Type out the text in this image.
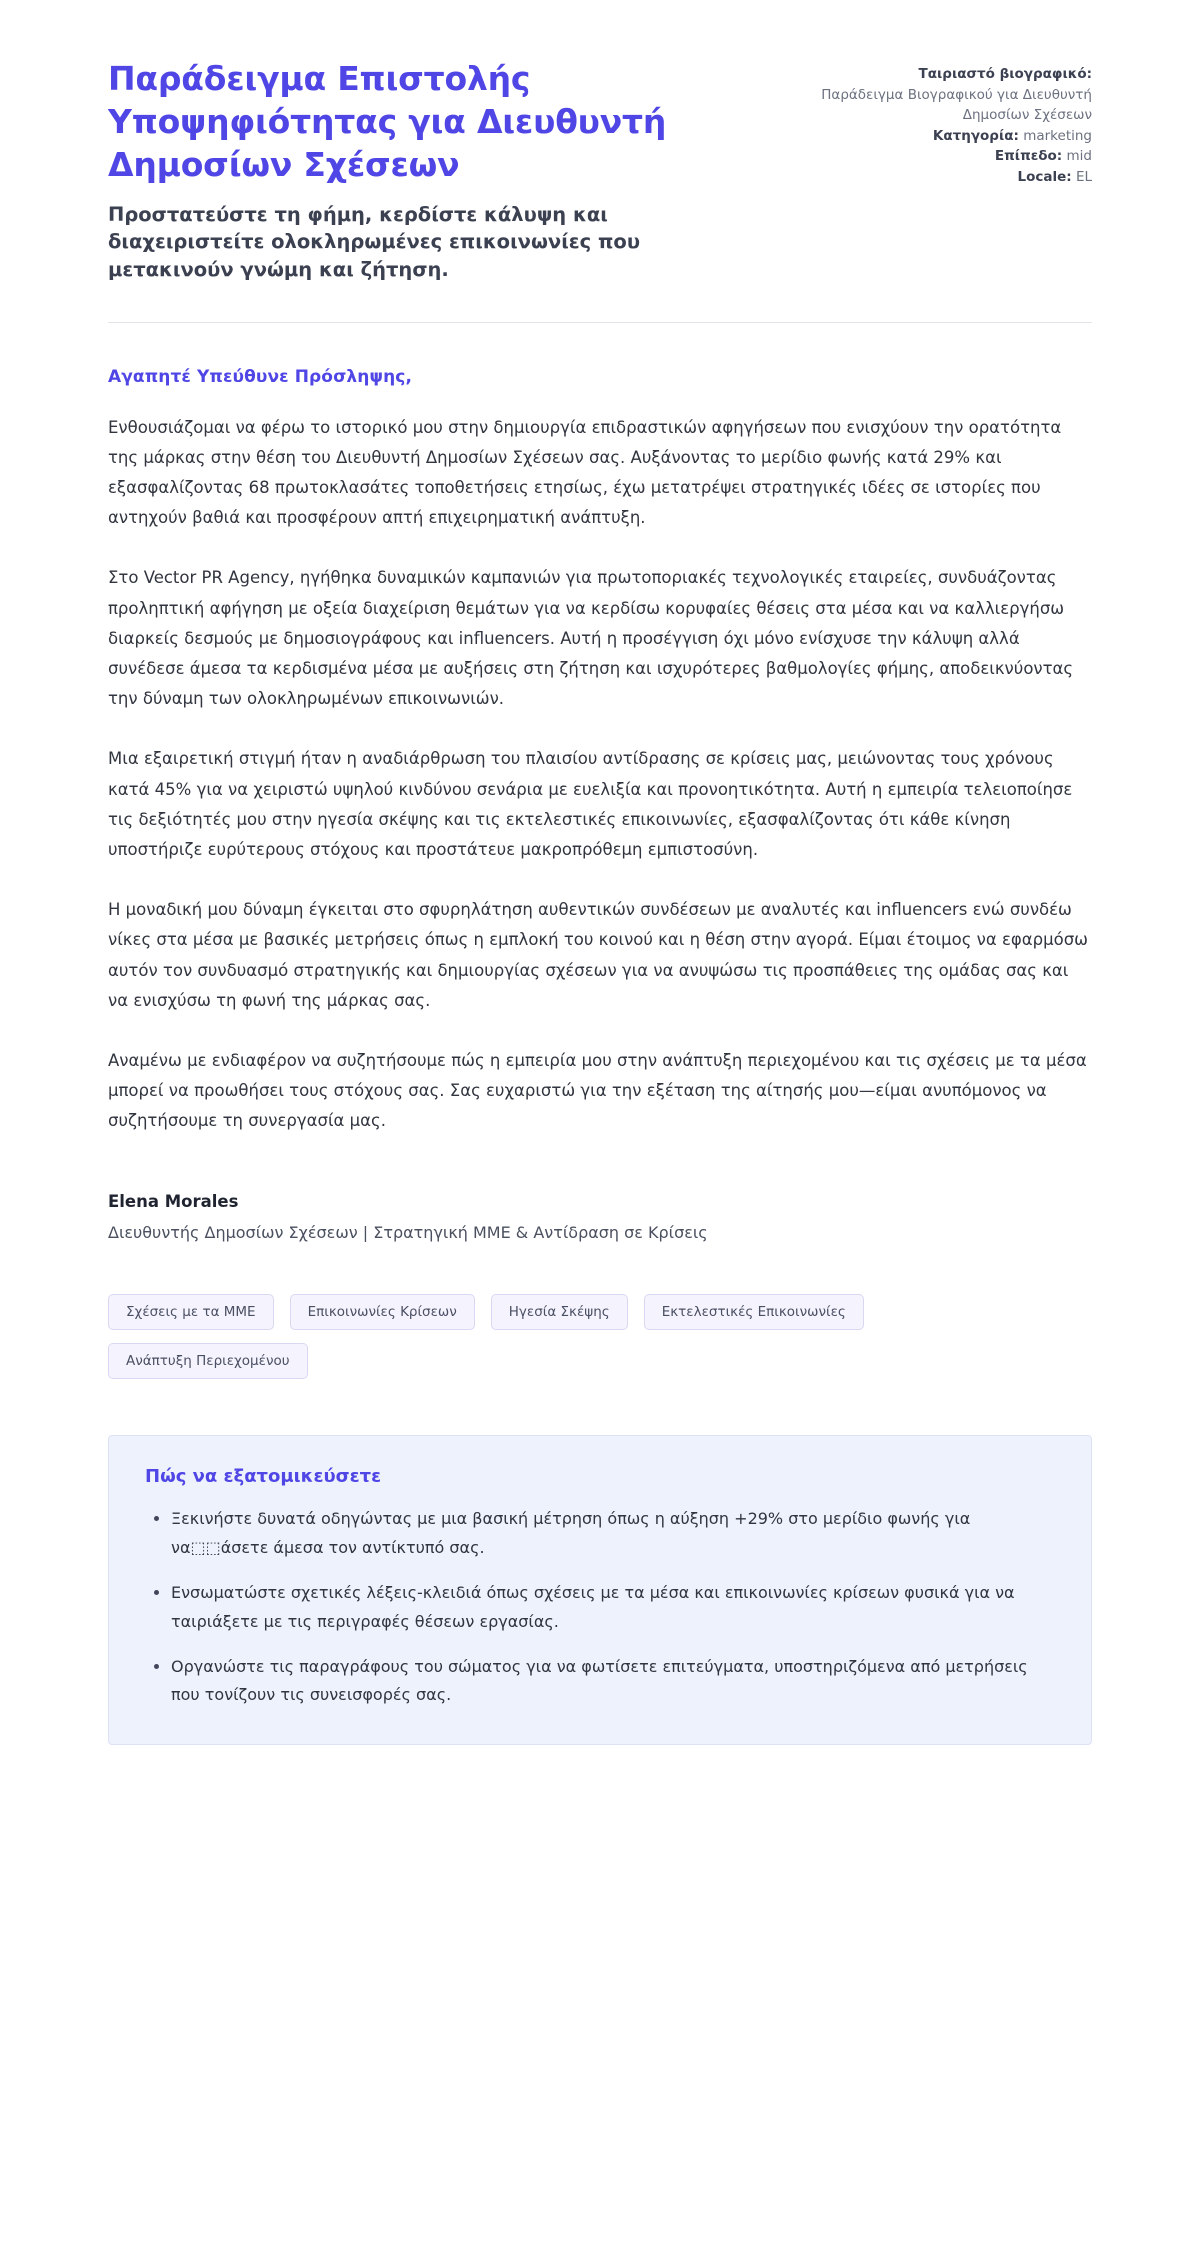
Παράδειγμα Επιστολής Υποψηφιότητας για Διευθυντή Δημοσίων Σχέσεων

Προστατεύστε τη φήμη, κερδίστε κάλυψη και διαχειριστείτε ολοκληρωμένες επικοινωνίες που μετακινούν γνώμη και ζήτηση.

Ταιριαστό βιογραφικό:
Παράδειγμα Βιογραφικού για Διευθυντή Δημοσίων Σχέσεων
Κατηγορία: marketing
Επίπεδο: mid
Locale: EL

Αγαπητέ Υπεύθυνε Πρόσληψης,

Ενθουσιάζομαι να φέρω το ιστορικό μου στην δημιουργία επιδραστικών αφηγήσεων που ενισχύουν την ορατότητα της μάρκας στην θέση του Διευθυντή Δημοσίων Σχέσεων σας. Αυξάνοντας το μερίδιο φωνής κατά 29% και εξασφαλίζοντας 68 πρωτοκλασάτες τοποθετήσεις ετησίως, έχω μετατρέψει στρατηγικές ιδέες σε ιστορίες που αντηχούν βαθιά και προσφέρουν απτή επιχειρηματική ανάπτυξη.

Στο Vector PR Agency, ηγήθηκα δυναμικών καμπανιών για πρωτοποριακές τεχνολογικές εταιρείες, συνδυάζοντας προληπτική αφήγηση με οξεία διαχείριση θεμάτων για να κερδίσω κορυφαίες θέσεις στα μέσα και να καλλιεργήσω διαρκείς δεσμούς με δημοσιογράφους και influencers. Αυτή η προσέγγιση όχι μόνο ενίσχυσε την κάλυψη αλλά συνέδεσε άμεσα τα κερδισμένα μέσα με αυξήσεις στη ζήτηση και ισχυρότερες βαθμολογίες φήμης, αποδεικνύοντας την δύναμη των ολοκληρωμένων επικοινωνιών.

Μια εξαιρετική στιγμή ήταν η αναδιάρθρωση του πλαισίου αντίδρασης σε κρίσεις μας, μειώνοντας τους χρόνους κατά 45% για να χειριστώ υψηλού κινδύνου σενάρια με ευελιξία και προνοητικότητα. Αυτή η εμπειρία τελειοποίησε τις δεξιότητές μου στην ηγεσία σκέψης και τις εκτελεστικές επικοινωνίες, εξασφαλίζοντας ότι κάθε κίνηση υποστήριζε ευρύτερους στόχους και προστάτευε μακροπρόθεμη εμπιστοσύνη.

Η μοναδική μου δύναμη έγκειται στο σφυρηλάτηση αυθεντικών συνδέσεων με αναλυτές και influencers ενώ συνδέω νίκες στα μέσα με βασικές μετρήσεις όπως η εμπλοκή του κοινού και η θέση στην αγορά. Είμαι έτοιμος να εφαρμόσω αυτόν τον συνδυασμό στρατηγικής και δημιουργίας σχέσεων για να ανυψώσω τις προσπάθειες της ομάδας σας και να ενισχύσω τη φωνή της μάρκας σας.

Αναμένω με ενδιαφέρον να συζητήσουμε πώς η εμπειρία μου στην ανάπτυξη περιεχομένου και τις σχέσεις με τα μέσα μπορεί να προωθήσει τους στόχους σας. Σας ευχαριστώ για την εξέταση της αίτησής μου—είμαι ανυπόμονος να συζητήσουμε τη συνεργασία μας.

Elena Morales

Διευθυντής Δημοσίων Σχέσεων | Στρατηγική ΜΜΕ & Αντίδραση σε Κρίσεις

Σχέσεις με τα ΜΜΕ	Επικοινωνίες Κρίσεων	Ηγεσία Σκέψης	Εκτελεστικές Επικοινωνίες
Ανάπτυξη Περιεχομένου
Πώς να εξατομικεύσετε
• Ξεκινήστε δυνατά οδηγώντας με μια βασική μέτρηση όπως η αύξηση +29% στο μερίδιο φωνής για να⬚⬚άσετε άμεσα τον αντίκτυπό σας.
• Ενσωματώστε σχετικές λέξεις-κλειδιά όπως σχέσεις με τα μέσα και επικοινωνίες κρίσεων φυσικά για να ταιριάξετε με τις περιγραφές θέσεων εργασίας.
• Οργανώστε τις παραγράφους του σώματος για να φωτίσετε επιτεύγματα, υποστηριζόμενα από μετρήσεις που τονίζουν τις συνεισφορές σας.
